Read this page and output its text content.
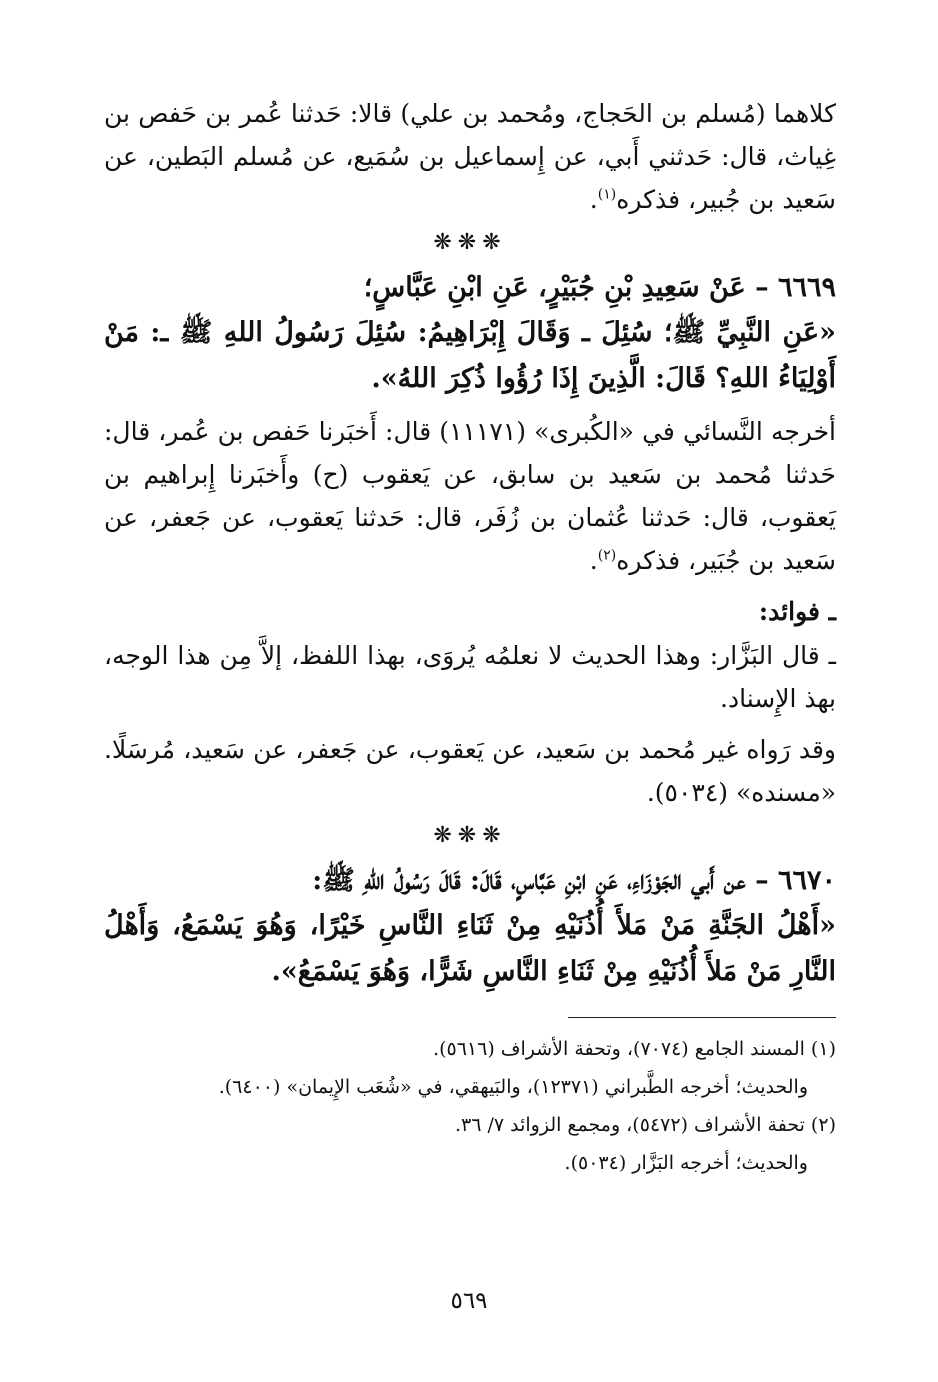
كلاهما (مُسلم بن الحَجاج، ومُحمد بن علي) قالا: حَدثنا عُمر بن حَفص بن غِياث، قال: حَدثني أَبي، عن إِسماعيل بن سُمَيع، عن مُسلم البَطين، عن سَعيد بن جُبير، فذكره$^{(١)}$.

❋❋❋

٦٦٦٩ – عَنْ سَعِيدِ بْنِ جُبَيْرٍ، عَنِ ابْنِ عَبَّاسٍ؛

«عَنِ النَّبِيِّ ﷺ؛ سُئِلَ ـ وَقَالَ إِبْرَاهِيمُ: سُئِلَ رَسُولُ اللهِ ﷺ ـ: مَنْ أَوْلِيَاءُ اللهِ؟ قَالَ: الَّذِينَ إِذَا رُؤُوا ذُكِرَ اللهُ».

أخرجه النَّسائي في «الكُبرى» (١١١٧١) قال: أَخبَرنا حَفص بن عُمر، قال: حَدثنا مُحمد بن سَعيد بن سابق، عن يَعقوب (ح) وأَخبَرنا إِبراهيم بن يَعقوب، قال: حَدثنا عُثمان بن زُفَر، قال: حَدثنا يَعقوب، عن جَعفر، عن سَعيد بن جُبَير، فذكره$^{(٢)}$.

ـ فوائد:

ـ قال البَزَّار: وهذا الحديث لا نعلمُه يُروَى، بهذا اللفظ، إلاَّ مِن هذا الوجه، بهذ الإِسناد.

وقد رَواه غير مُحمد بن سَعيد، عن يَعقوب، عن جَعفر، عن سَعيد، مُرسَلًا. «مسنده» (٥٠٣٤).

❋❋❋

٦٦٧٠ – عن أَبي الجَوْزَاءِ، عَنِ ابْنِ عَبَّاسٍ، قَالَ: قَالَ رَسُولُ اللهِ ﷺ:

«أَهْلُ الجَنَّةِ مَنْ مَلأَ أُذُنَيْهِ مِنْ ثَنَاءِ النَّاسِ خَيْرًا، وَهُوَ يَسْمَعُ، وَأَهْلُ النَّارِ مَنْ مَلأَ أُذُنَيْهِ مِنْ ثَنَاءِ النَّاسِ شَرًّا، وَهُوَ يَسْمَعُ».

(١) المسند الجامع (٧٠٧٤)، وتحفة الأشراف (٥٦١٦).

والحديث؛ أخرجه الطَّبراني (١٢٣٧١)، والبَيهقي، في «شُعَب الإِيمان» (٦٤٠٠).

(٢) تحفة الأشراف (٥٤٧٢)، ومجمع الزوائد ٧/ ٣٦.

والحديث؛ أخرجه البَزَّار (٥٠٣٤).

٥٦٩
